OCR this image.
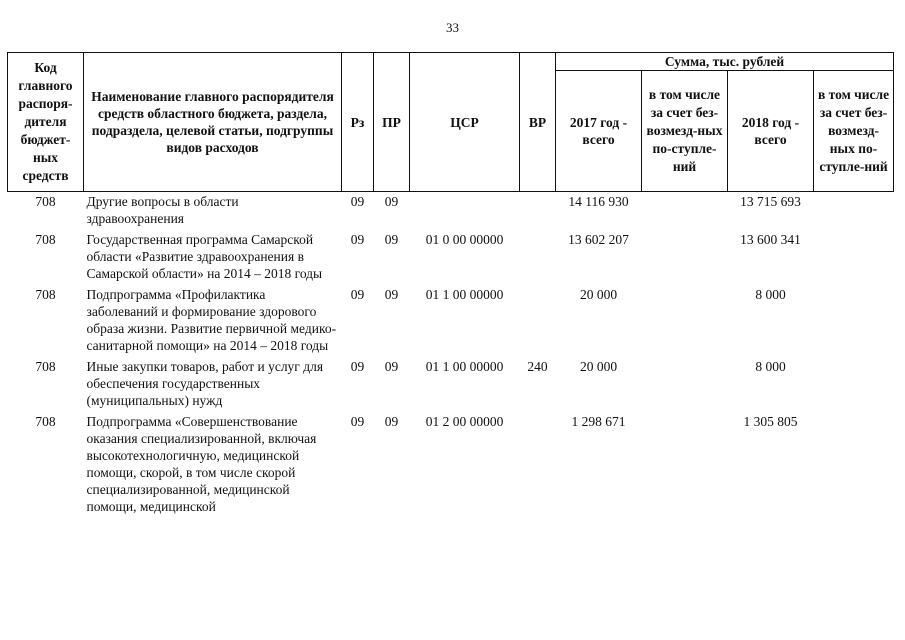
33
Код главного распоря-дителя бюджет-ных средств	Наименование главного распорядителя средств областного бюджета, раздела, подраздела, целевой статьи, подгруппы видов расходов	Рз	ПР	ЦСР	ВР	Сумма, тыс. рублей			
						2017 год - всего	в том числе за счет без-возмезд-ных по-ступле-ний	2018 год - всего	в том числе за счет без-возмезд-ных по-ступле-ний
708	Другие вопросы в области здравоохранения	09	09			14 116 930		13 715 693	
708	Государственная программа Самарской области «Развитие здравоохранения в Самарской области» на 2014 – 2018 годы	09	09	01 0 00 00000		13 602 207		13 600 341	
708	Подпрограмма «Профилактика заболеваний и формирование здорового образа жизни. Развитие первичной медико-санитарной помощи» на 2014 – 2018 годы	09	09	01 1 00 00000		20 000		8 000	
708	Иные закупки товаров, работ и услуг для обеспечения государственных (муниципальных) нужд	09	09	01 1 00 00000	240	20 000		8 000	
708	Подпрограмма «Совершенствование оказания специализированной, включая высокотехнологичную, медицинской помощи, скорой, в том числе скорой специализированной, медицинской помощи, медицинской	09	09	01 2 00 00000		1 298 671		1 305 805	
